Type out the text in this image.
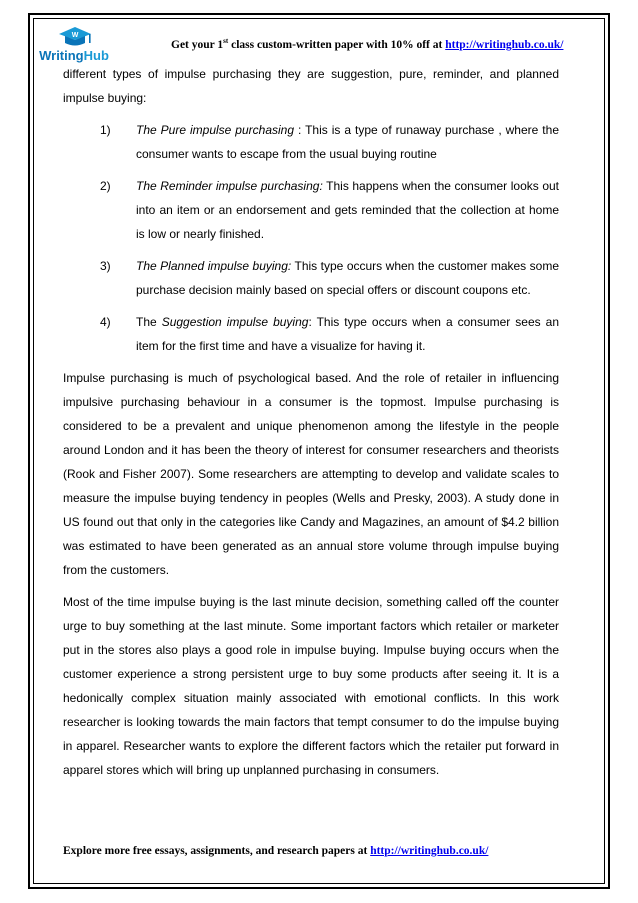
W
WritingHub
Get your 1st class custom-written paper with 10% off at http://writinghub.co.uk/

different types of impulse purchasing they are suggestion, pure, reminder, and planned impulse buying:

1) The Pure impulse purchasing : This is a type of runaway purchase , where the consumer wants to escape from the usual buying routine
2) The Reminder impulse purchasing: This happens when the consumer looks out into an item or an endorsement and gets reminded that the collection at home is low or nearly finished.
3) The Planned impulse buying: This type occurs when the customer makes some purchase decision mainly based on special offers or discount coupons etc.
4) The Suggestion impulse buying: This type occurs when a consumer sees an item for the first time and have a visualize for having it.

Impulse purchasing is much of psychological based. And the role of retailer in influencing impulsive purchasing behaviour in a consumer is the topmost. Impulse purchasing is considered to be a prevalent and unique phenomenon among the lifestyle in the people around London and it has been the theory of interest for consumer researchers and theorists (Rook and Fisher 2007). Some researchers are attempting to develop and validate scales to measure the impulse buying tendency in peoples (Wells and Presky, 2003). A study done in US found out that only in the categories like Candy and Magazines, an amount of $4.2 billion was estimated to have been generated as an annual store volume through impulse buying from the customers.

Most of the time impulse buying is the last minute decision, something called off the counter urge to buy something at the last minute. Some important factors which retailer or marketer put in the stores also plays a good role in impulse buying. Impulse buying occurs when the customer experience a strong persistent urge to buy some products after seeing it. It is a hedonically complex situation mainly associated with emotional conflicts. In this work researcher is looking towards the main factors that tempt consumer to do the impulse buying in apparel. Researcher wants to explore the different factors which the retailer put forward in apparel stores which will bring up unplanned purchasing in consumers.

Explore more free essays, assignments, and research papers at http://writinghub.co.uk/
